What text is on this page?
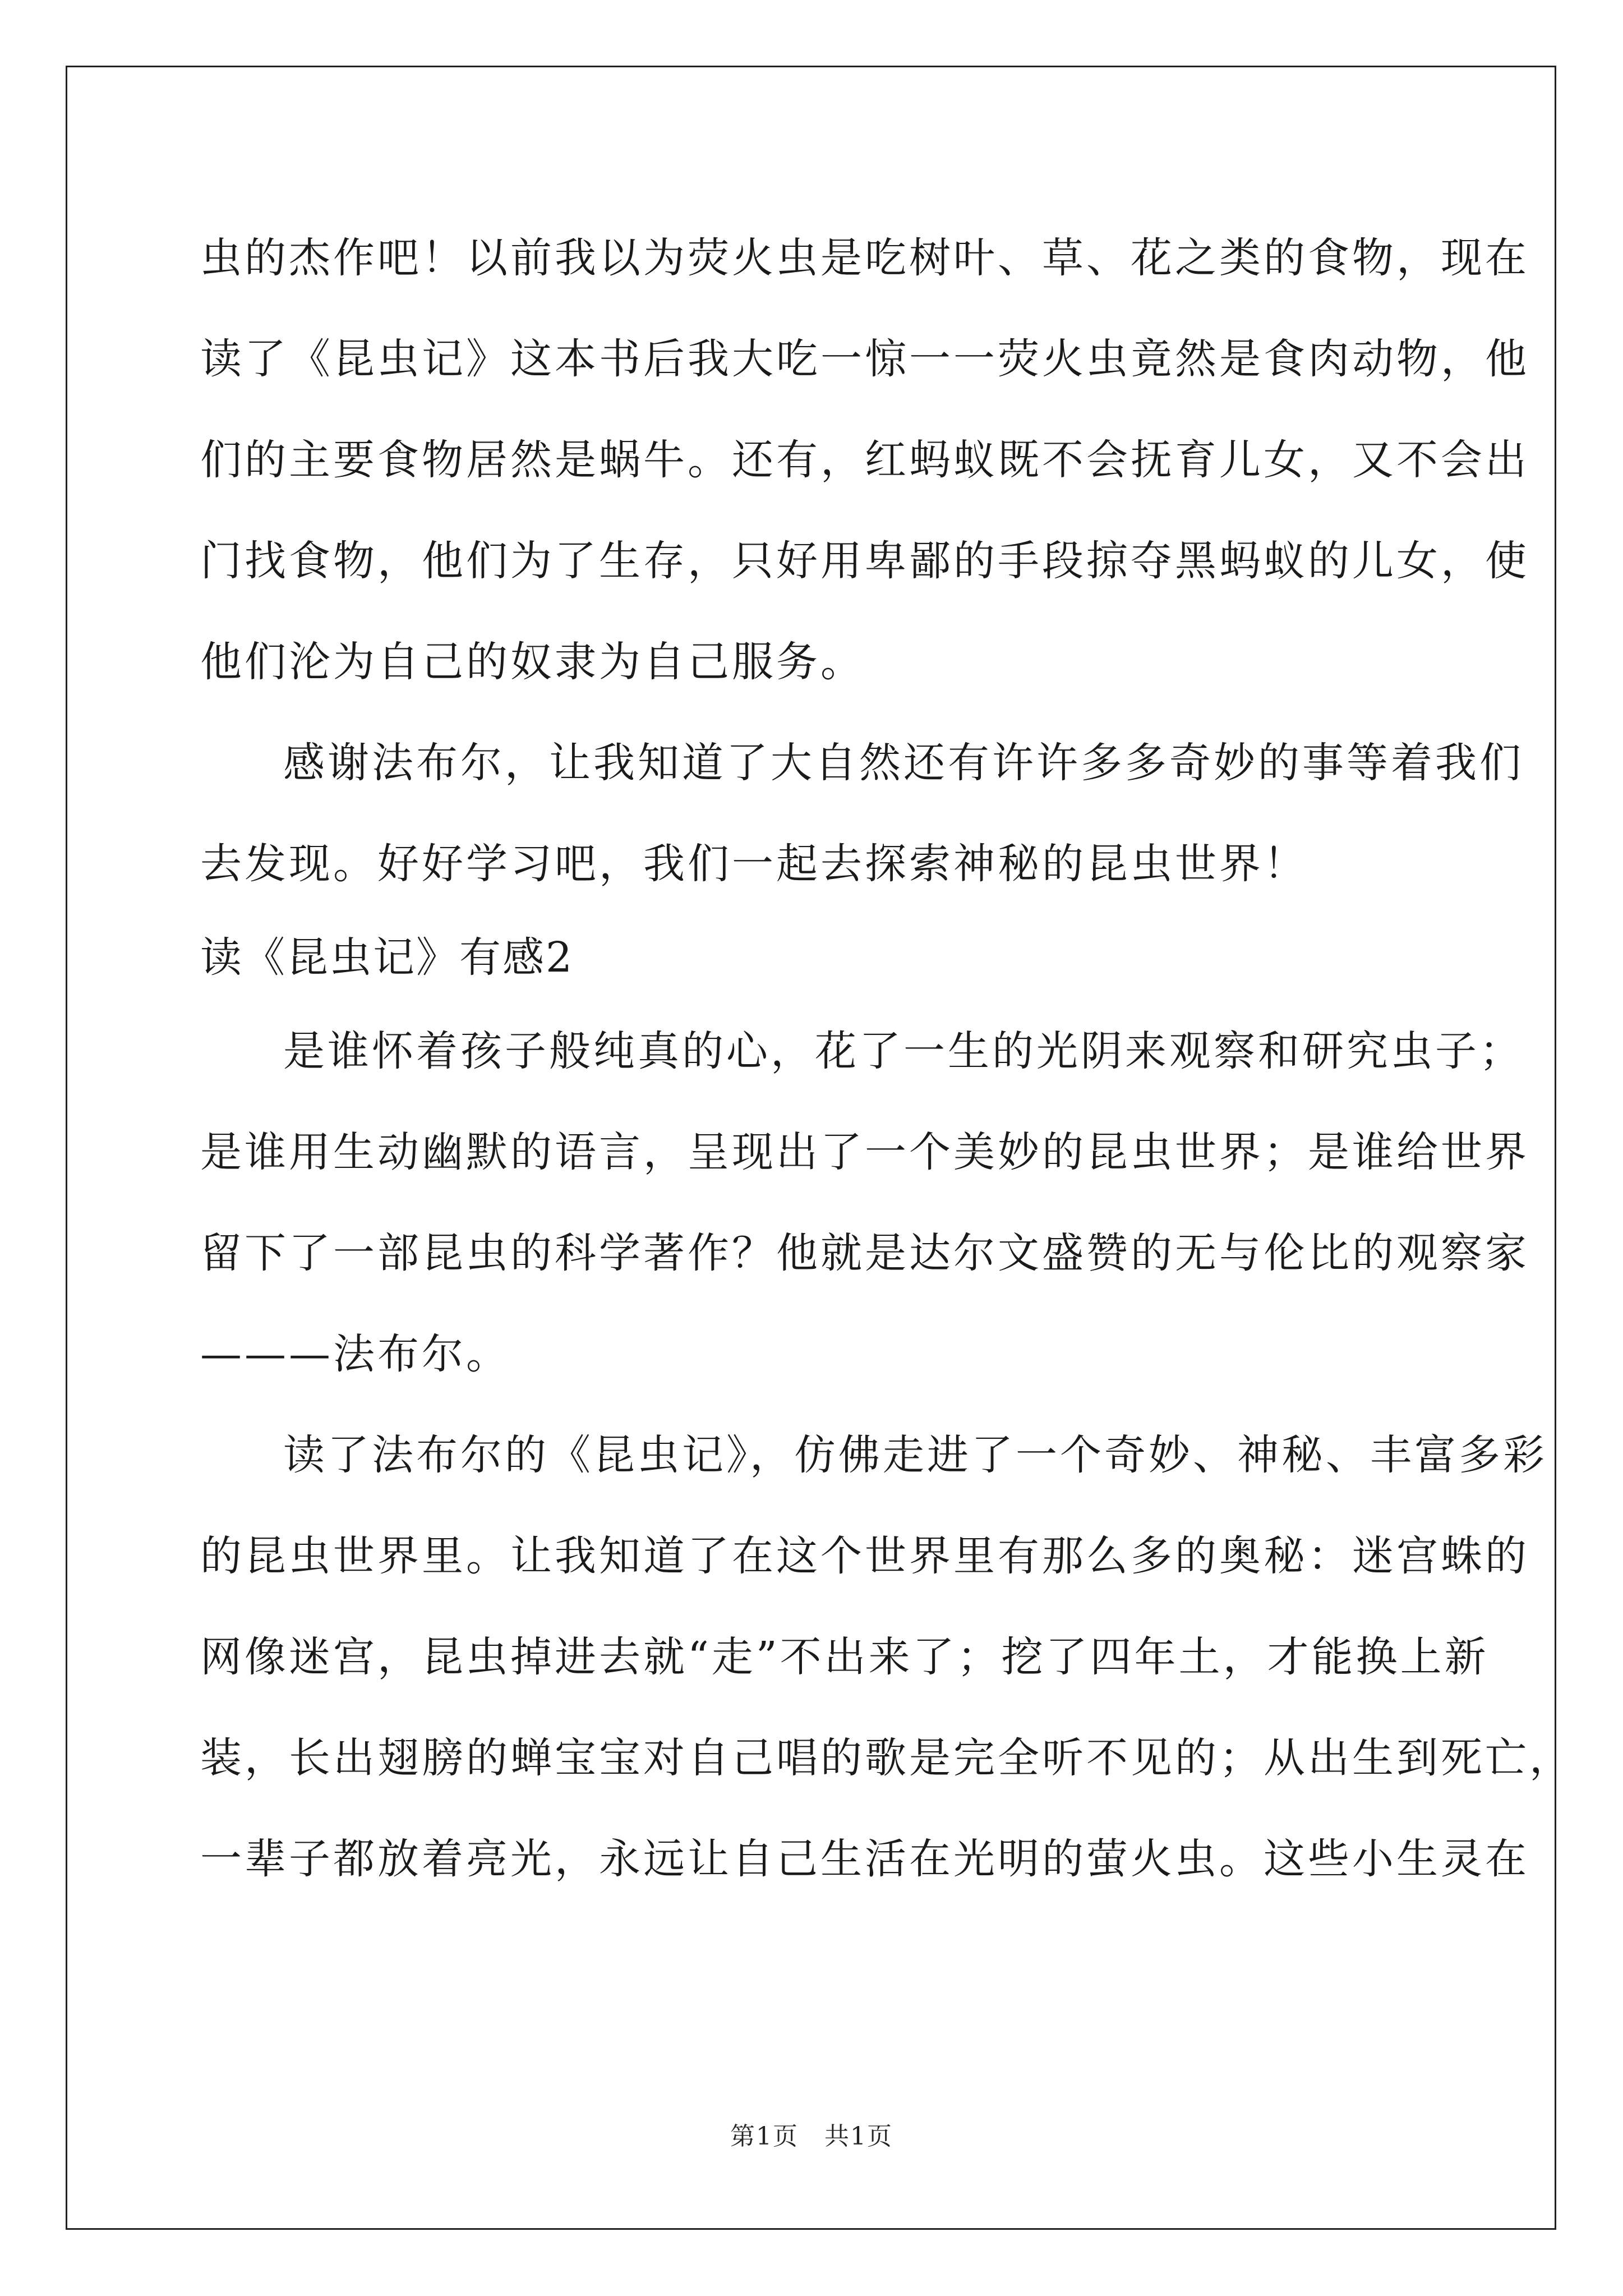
虫的杰作吧！以前我以为荧火虫是吃树叶、草、花之类的食物，现在
读了《昆虫记》这本书后我大吃一惊一一荧火虫竟然是食肉动物，他
们的主要食物居然是蜗牛。还有，红蚂蚁既不会抚育儿女，又不会出
门找食物，他们为了生存，只好用卑鄙的手段掠夺黑蚂蚁的儿女，使
他们沦为自己的奴隶为自己服务。
感谢法布尔，让我知道了大自然还有许许多多奇妙的事等着我们
去发现。好好学习吧，我们一起去探索神秘的昆虫世界！
读《昆虫记》有感2
是谁怀着孩子般纯真的心，花了一生的光阴来观察和研究虫子；
是谁用生动幽默的语言，呈现出了一个美妙的昆虫世界；是谁给世界
留下了一部昆虫的科学著作？他就是达尔文盛赞的无与伦比的观察家
———法布尔。
读了法布尔的《昆虫记》，仿佛走进了一个奇妙、神秘、丰富多彩
的昆虫世界里。让我知道了在这个世界里有那么多的奥秘：迷宫蛛的
网像迷宫，昆虫掉进去就“走”不出来了；挖了四年土，才能换上新
装，长出翅膀的蝉宝宝对自己唱的歌是完全听不见的；从出生到死亡，
一辈子都放着亮光，永远让自己生活在光明的萤火虫。这些小生灵在
第1页　共1页
